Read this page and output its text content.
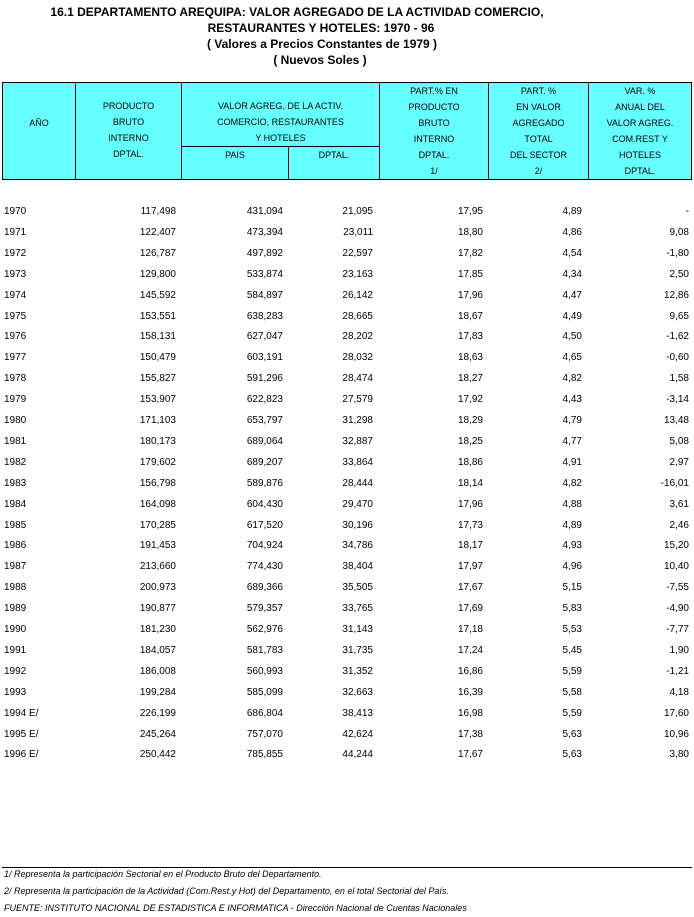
16.1 DEPARTAMENTO AREQUIPA: VALOR AGREGADO DE LA ACTIVIDAD COMERCIO,
RESTAURANTES Y HOTELES: 1970 - 96
( Valores a Precios Constantes de 1979 )
( Nuevos Soles )
AÑO
PRODUCTO
BRUTO
INTERNO
DPTAL.
VALOR AGREG. DE LA ACTIV.
COMERCIO, RESTAURANTES
Y HOTELES
PAIS	DPTAL.
PART.% EN
PRODUCTO
BRUTO
INTERNO
DPTAL.
1/
PART. %
EN VALOR
AGREGADO
TOTAL
DEL SECTOR
2/
VAR. %
ANUAL DEL
VALOR AGREG.
COM.REST Y
HOTELES
DPTAL.
1970	117,498	431,094	21,095	17,95	4,89	-
1971	122,407	473,394	23,011	18,80	4,86	9,08
1972	126,787	497,892	22,597	17,82	4,54	-1,80
1973	129,800	533,874	23,163	17,85	4,34	2,50
1974	145,592	584,897	26,142	17,96	4,47	12,86
1975	153,551	638,283	28,665	18,67	4,49	9,65
1976	158,131	627,047	28,202	17,83	4,50	-1,62
1977	150,479	603,191	28,032	18,63	4,65	-0,60
1978	155,827	591,296	28,474	18,27	4,82	1,58
1979	153,907	622,823	27,579	17,92	4,43	-3,14
1980	171,103	653,797	31,298	18,29	4,79	13,48
1981	180,173	689,064	32,887	18,25	4,77	5,08
1982	179,602	689,207	33,864	18,86	4,91	2,97
1983	156,798	589,876	28,444	18,14	4,82	-16,01
1984	164,098	604,430	29,470	17,96	4,88	3,61
1985	170,285	617,520	30,196	17,73	4,89	2,46
1986	191,453	704,924	34,786	18,17	4,93	15,20
1987	213,660	774,430	38,404	17,97	4,96	10,40
1988	200,973	689,366	35,505	17,67	5,15	-7,55
1989	190,877	579,357	33,765	17,69	5,83	-4,90
1990	181,230	562,976	31,143	17,18	5,53	-7,77
1991	184,057	581,783	31,735	17,24	5,45	1,90
1992	186,008	560,993	31,352	16,86	5,59	-1,21
1993	199,284	585,099	32,663	16,39	5,58	4,18
1994 E/	226,199	686,804	38,413	16,98	5,59	17,60
1995 E/	245,264	757,070	42,624	17,38	5,63	10,96
1996 E/	250,442	785,855	44,244	17,67	5,63	3,80
1/ Representa la participación Sectorial en el Producto Bruto del Departamento.
2/ Representa la participación de la Actividad (Com.Rest.y Hot) del Departamento, en el total Sectorial del País.
FUENTE: INSTITUTO NACIONAL DE ESTADISTICA E INFORMATICA - Dirección Nacional de Cuentas Nacionales
